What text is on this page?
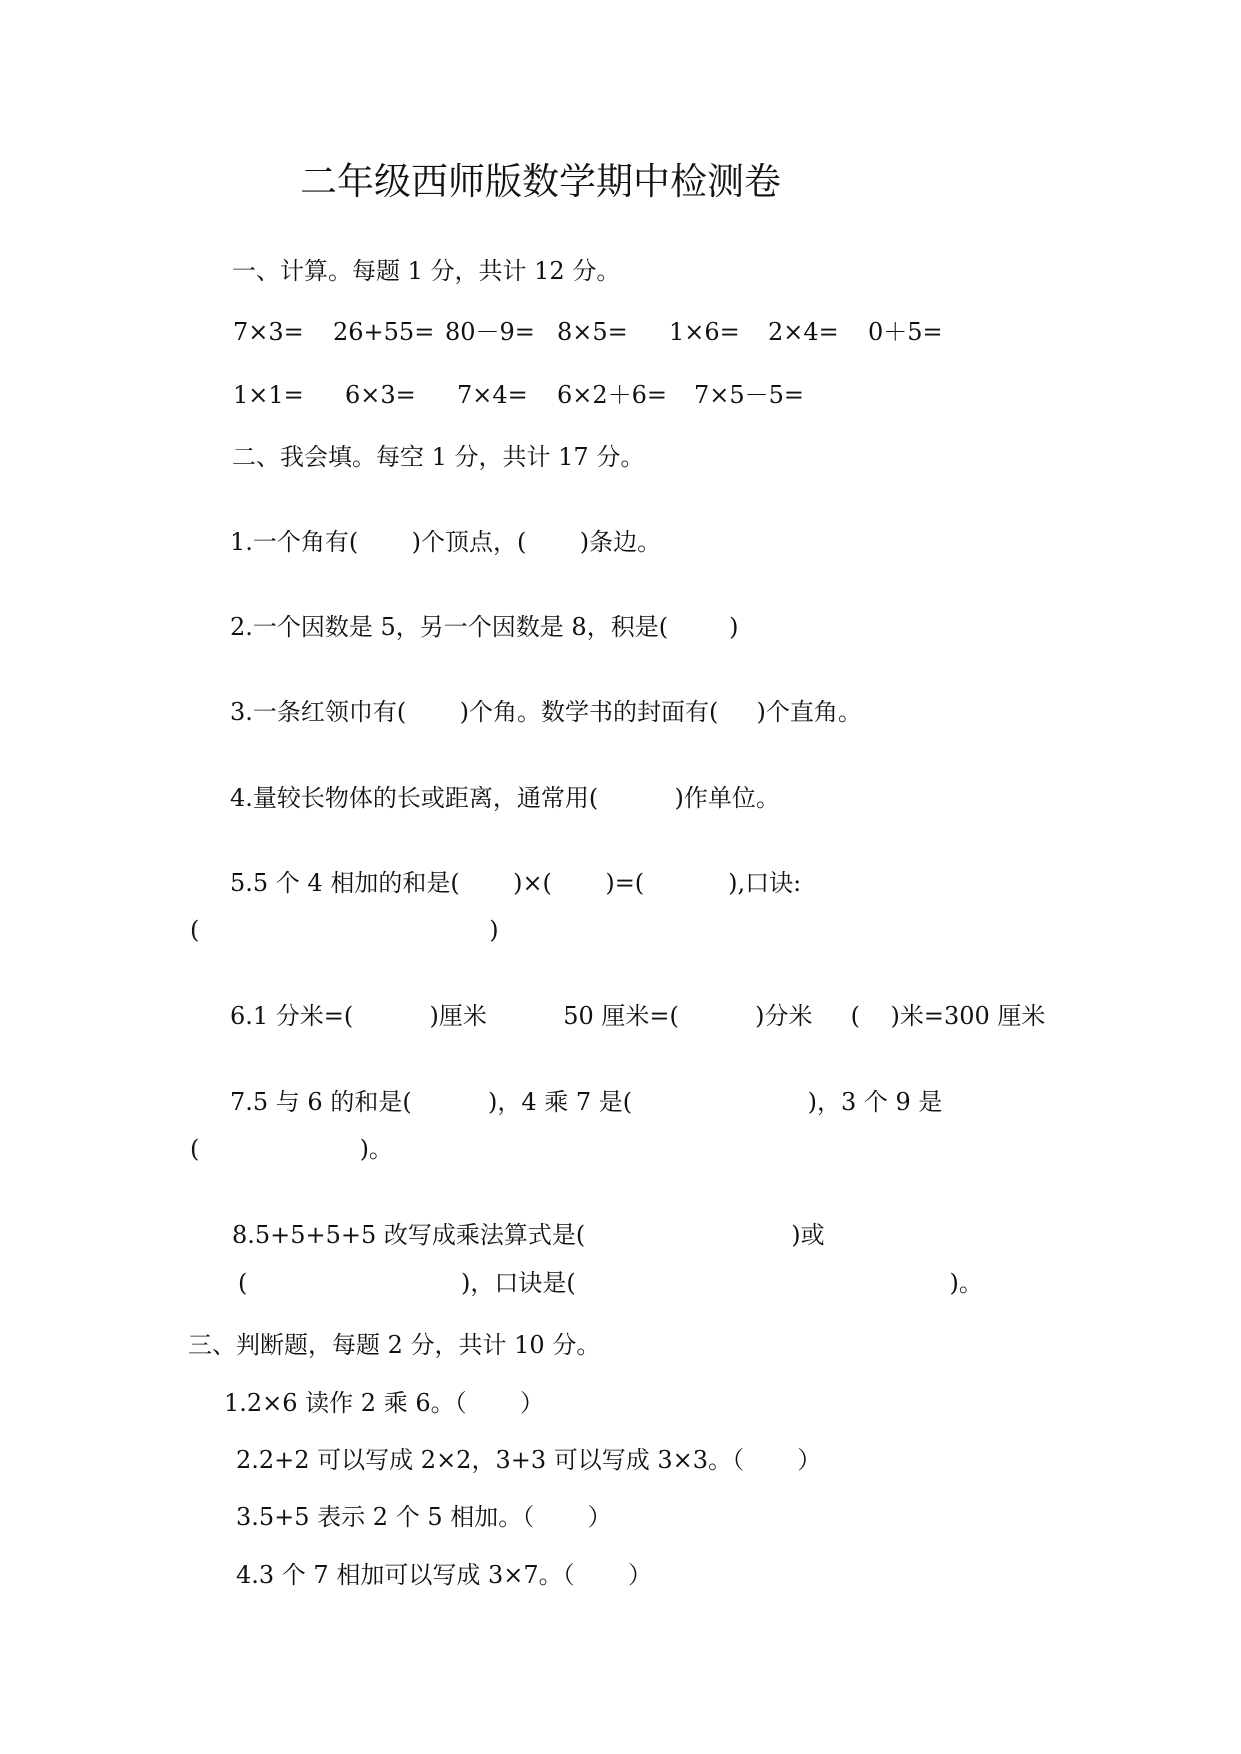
二年级西师版数学期中检测卷
一、计算。每题 1 分，共计 12 分。
7×3= 26+55= 80－9= 8×5= 1×6= 2×4= 0＋5=
1×1= 6×3= 7×4= 6×2＋6= 7×5－5=
二、我会填。每空 1 分，共计 17 分。
1.一个角有(       )个顶点，(       )条边。
2.一个因数是 5，另一个因数是 8，积是(        )
3.一条红领巾有(       )个角。数学书的封面有(     )个直角。
4.量较长物体的长或距离，通常用(          )作单位。
5.5 个 4 相加的和是(       )×(       )=(           ),口诀:
(                                      )
6.1 分米=(          )厘米          50 厘米=(          )分米     (    )米=300 厘米
7.5 与 6 的和是(          )，4 乘 7 是(                       )，3 个 9 是
(                     )。
8.5+5+5+5 改写成乘法算式是(                           )或
(                            )，口诀是(                                                 )。
三、判断题，每题 2 分，共计 10 分。
1.2×6 读作 2 乘 6。（       ）
2.2+2 可以写成 2×2，3+3 可以写成 3×3。（       ）
3.5+5 表示 2 个 5 相加。（       ）
4.3 个 7 相加可以写成 3×7。（       ）
